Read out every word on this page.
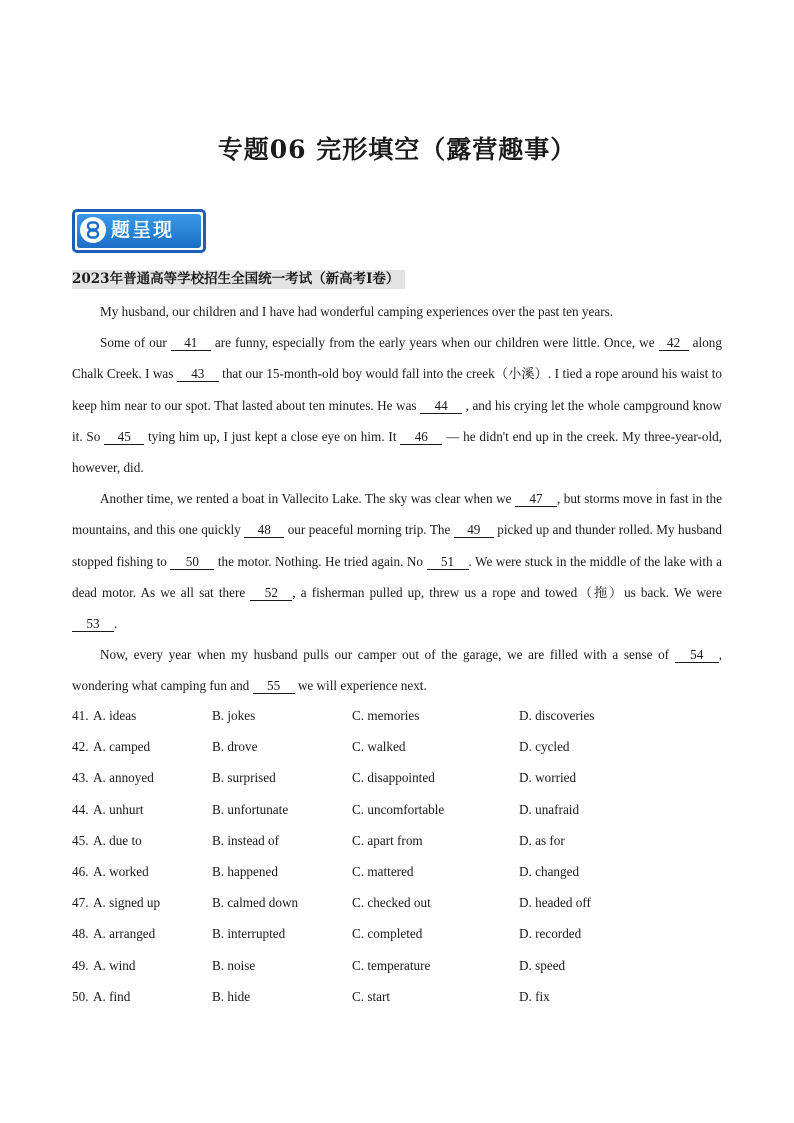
专题06 完形填空（露营趣事）
题呈现
2023年普通高等学校招生全国统一考试（新高考Ⅰ卷）

My husband, our children and I have had wonderful camping experiences over the past ten years.

Some of our 41 are funny, especially from the early years when our children were little. Once, we 42 along Chalk Creek. I was 43 that our 15-month-old boy would fall into the creek（小溪）. I tied a rope around his waist to keep him near to our spot. That lasted about ten minutes. He was 44 , and his crying let the whole campground know it. So 45 tying him up, I just kept a close eye on him. It 46 — he didn't end up in the creek. My three-year-old, however, did.

Another time, we rented a boat in Vallecito Lake. The sky was clear when we 47 , but storms move in fast in the mountains, and this one quickly 48 our peaceful morning trip. The 49 picked up and thunder rolled. My husband stopped fishing to 50 the motor. Nothing. He tried again. No 51 . We were stuck in the middle of the lake with a dead motor. As we all sat there 52 , a fisherman pulled up, threw us a rope and towed（拖）us back. We were 53 .

Now, every year when my husband pulls our camper out of the garage, we are filled with a sense of 54 , wondering what camping fun and 55 we will experience next.

41. A. ideas	B. jokes	C. memories	D. discoveries
42. A. camped	B. drove	C. walked	D. cycled
43. A. annoyed	B. surprised	C. disappointed	D. worried
44. A. unhurt	B. unfortunate	C. uncomfortable	D. unafraid
45. A. due to	B. instead of	C. apart from	D. as for
46. A. worked	B. happened	C. mattered	D. changed
47. A. signed up	B. calmed down	C. checked out	D. headed off
48. A. arranged	B. interrupted	C. completed	D. recorded
49. A. wind	B. noise	C. temperature	D. speed
50. A. find	B. hide	C. start	D. fix
